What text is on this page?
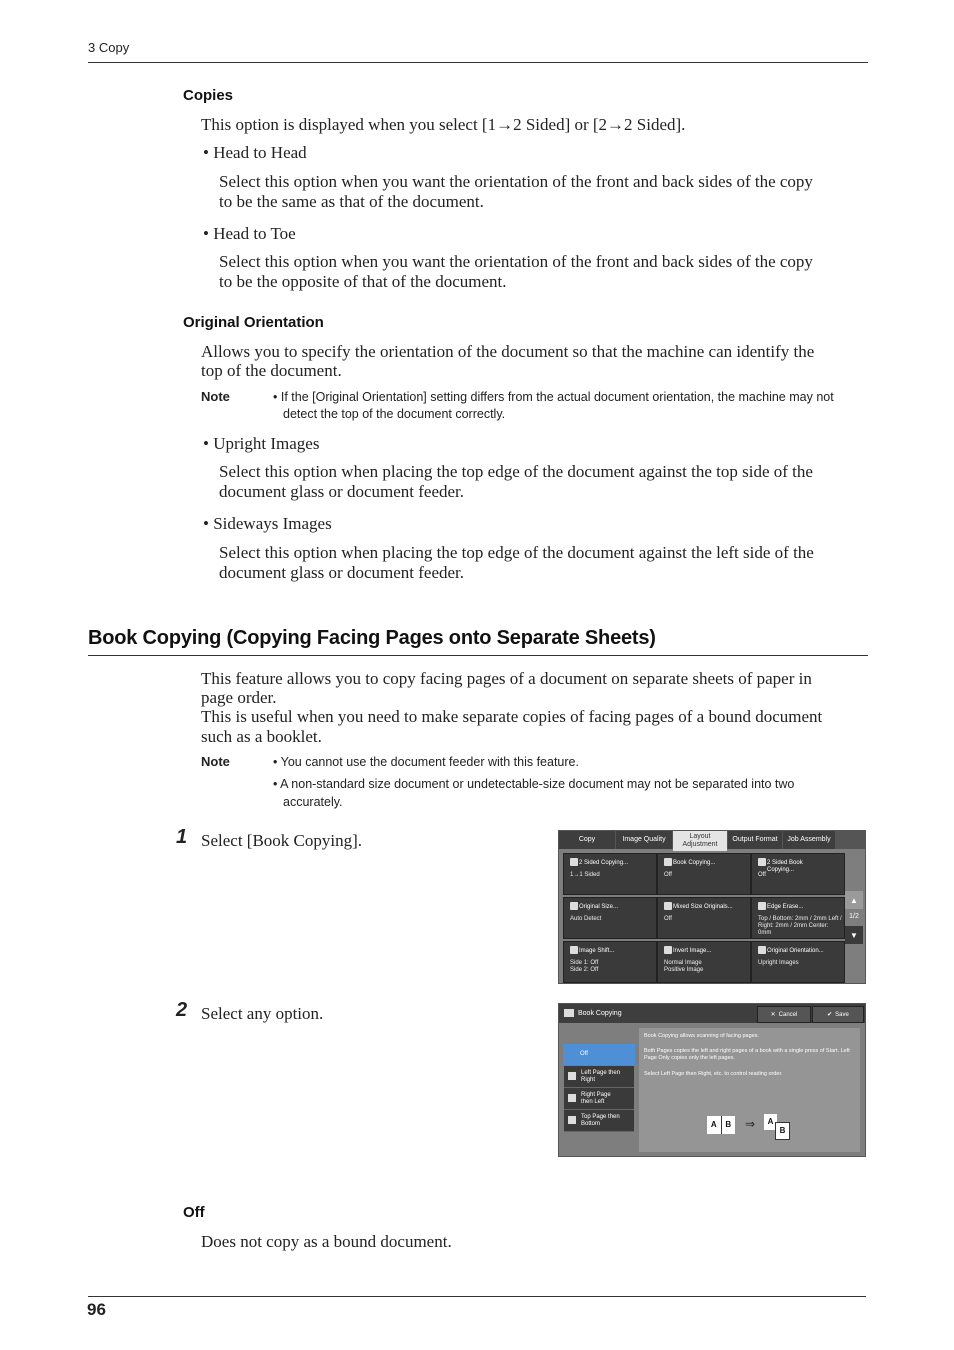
3 Copy
Copies
This option is displayed when you select [1→2 Sided] or [2→2 Sided].
• Head to Head
Select this option when you want the orientation of the front and back sides of the copy
to be the same as that of the document.
• Head to Toe
Select this option when you want the orientation of the front and back sides of the copy
to be the opposite of that of the document.
Original Orientation
Allows you to specify the orientation of the document so that the machine can identify the
top of the document.
Note	• If the [Original Orientation] setting differs from the actual document orientation, the machine may not
detect the top of the document correctly.
• Upright Images
Select this option when placing the top edge of the document against the top side of the
document glass or document feeder.
• Sideways Images
Select this option when placing the top edge of the document against the left side of the
document glass or document feeder.
Book Copying (Copying Facing Pages onto Separate Sheets)
This feature allows you to copy facing pages of a document on separate sheets of paper in
page order.
This is useful when you need to make separate copies of facing pages of a bound document
such as a booklet.
Note	• You cannot use the document feeder with this feature.
• A non-standard size document or undetectable-size document may not be separated into two
accurately.
1 Select [Book Copying].	Copy	Image Quality	Layout Adjustment
Output Format Job Assembly
2 Sided Copying...
1→1 Sided
Book Copying...
Off
2 Sided Book Copying...
Off
Original Size...
Auto Detect
Mixed Size Originals...
Off
Edge Erase...
Top / Bottom: 2mm / 2mm Left / Right: 2mm / 2mm Center: 0mm
Image Shift...
Side 1: Off Side 2: Off
Invert Image...
Normal Image Positive Image
Original Orientation...
Upright Images
▲
1/2
▼
2 Select any option.	Book Copying	✕ Cancel	✔ Save
Off
Left Page then Right
Right Page then Left
Top Page then Bottom
Book Copying allows scanning of facing pages.
Both Pages copies the left and right pages of a book with a single press of Start. Left Page Only copies only the left pages.
Select Left Page then Right, etc. to control reading order.
A	B	⇒	A
B
Off
Does not copy as a bound document.
96
